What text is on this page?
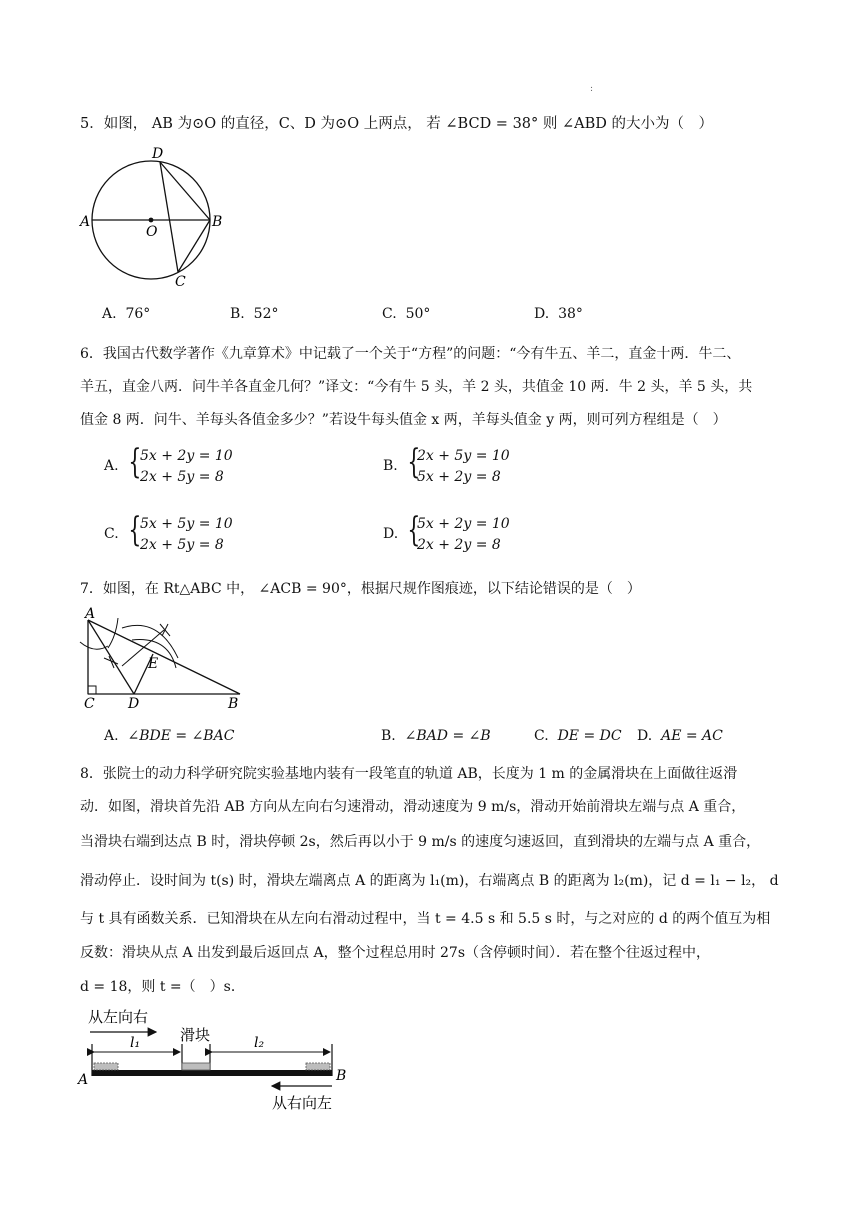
:
5．如图， AB 为⊙O 的直径，C、D 为⊙O 上两点， 若 ∠BCD = 38° 则 ∠ABD 的大小为（　）
A	B
C
D
O
A. 76°	B. 52°	C. 50°	D. 38°
6．我国古代数学著作《九章算术》中记载了一个关于“方程”的问题：“今有牛五、羊二，直金十两．牛二、
羊五，直金八两．问牛羊各直金几何？”译文：“今有牛 5 头，羊 2 头，共值金 10 两．牛 2 头，羊 5 头，共
值金 8 两．问牛、羊每头各值金多少？”若设牛每头值金 x 两，羊每头值金 y 两，则可列方程组是（　）
A. {
5x + 2y = 10
2x + 5y = 8
B. {
2x + 5y = 10
5x + 2y = 8
C. {
5x + 5y = 10
2x + 5y = 8
D. {
5x + 2y = 10
2x + 2y = 8
7．如图，在 Rt△ABC 中， ∠ACB = 90°，根据尺规作图痕迹，以下结论错误的是（　）
A
B
C D
E
A. ∠BDE = ∠BAC	B. ∠BAD = ∠B	C. DE = DC D. AE = AC
8．张院士的动力科学研究院实验基地内装有一段笔直的轨道 AB，长度为 1 m 的金属滑块在上面做往返滑
动．如图，滑块首先沿 AB 方向从左向右匀速滑动，滑动速度为 9 m/s，滑动开始前滑块左端与点 A 重合，
当滑块右端到达点 B 时，滑块停顿 2s，然后再以小于 9 m/s 的速度匀速返回，直到滑块的左端与点 A 重合，
滑动停止．设时间为 t(s) 时，滑块左端离点 A 的距离为 l₁(m)，右端离点 B 的距离为 l₂(m)，记 d = l₁ − l₂， d
与 t 具有函数关系．已知滑块在从左向右滑动过程中，当 t = 4.5 s 和 5.5 s 时，与之对应的 d 的两个值互为相
反数：滑块从点 A 出发到最后返回点 A，整个过程总用时 27s（含停顿时间）．若在整个往返过程中，
d = 18，则 t =（　）s．
从左向右
滑块
l₁	l₂
A	B
从右向左
